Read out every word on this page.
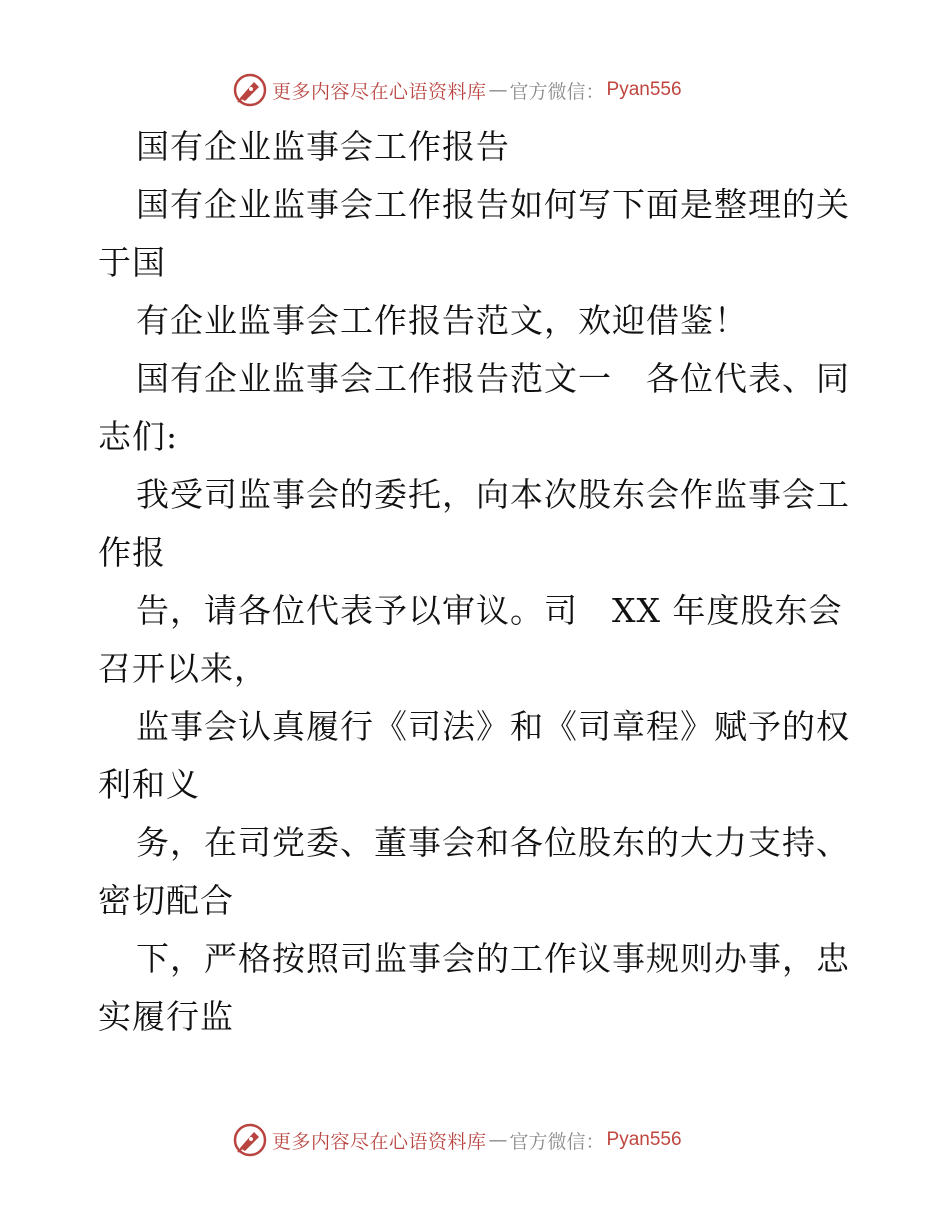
更多内容尽在心语资料库 — 官方微信： Pyan556
国有企业监事会工作报告
国有企业监事会工作报告如何写下面是整理的关
于国
有企业监事会工作报告范文，欢迎借鉴！
国有企业监事会工作报告范文一　各位代表、同
志们:
我受司监事会的委托，向本次股东会作监事会工
作报
告，请各位代表予以审议。司　XX 年度股东会
召开以来，
监事会认真履行《司法》和《司章程》赋予的权
利和义
务，在司党委、董事会和各位股东的大力支持、
密切配合
下，严格按照司监事会的工作议事规则办事，忠
实履行监
更多内容尽在心语资料库 — 官方微信： Pyan556
